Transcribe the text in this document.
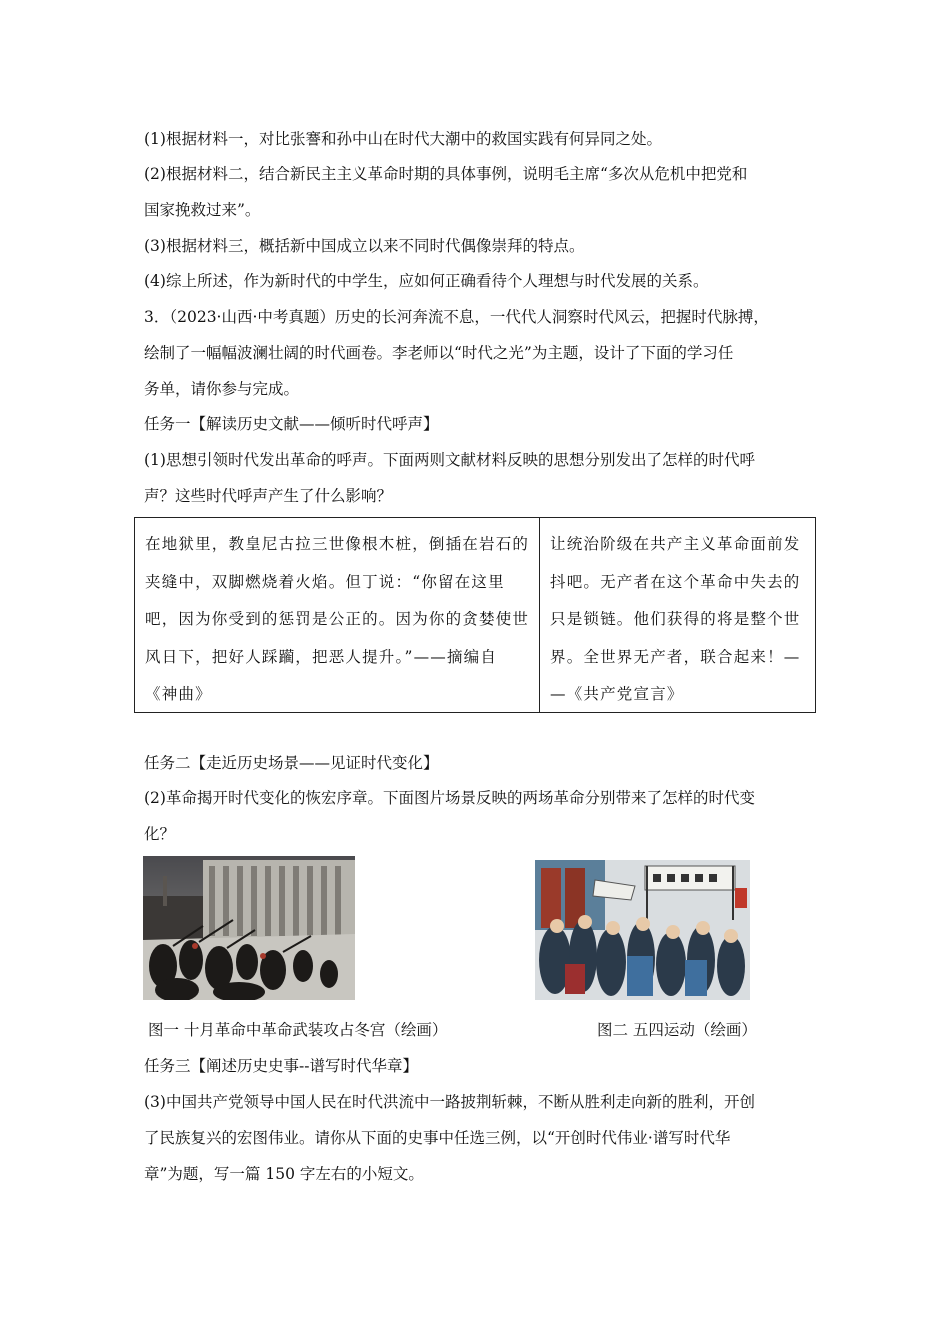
(1)根据材料一，对比张謇和孙中山在时代大潮中的救国实践有何异同之处。
(2)根据材料二，结合新民主主义革命时期的具体事例，说明毛主席“多次从危机中把党和
国家挽救过来”。
(3)根据材料三，概括新中国成立以来不同时代偶像崇拜的特点。
(4)综上所述，作为新时代的中学生，应如何正确看待个人理想与时代发展的关系。
3．（2023·山西·中考真题）历史的长河奔流不息，一代代人洞察时代风云，把握时代脉搏，
绘制了一幅幅波澜壮阔的时代画卷。李老师以“时代之光”为主题，设计了下面的学习任
务单，请你参与完成。
任务一【解读历史文献——倾听时代呼声】
(1)思想引领时代发出革命的呼声。下面两则文献材料反映的思想分别发出了怎样的时代呼
声？这些时代呼声产生了什么影响？
在地狱里，教皇尼古拉三世像根木桩，倒插在岩石的
夹缝中，双脚燃烧着火焰。但丁说：“你留在这里
吧，因为你受到的惩罚是公正的。因为你的贪婪使世
风日下，把好人踩躏，把恶人提升。”——摘编自
《神曲》
让统治阶级在共产主义革命面前发
抖吧。无产者在这个革命中失去的
只是锁链。他们获得的将是整个世
界。全世界无产者，联合起来！—
—《共产党宣言》
任务二【走近历史场景——见证时代变化】
(2)革命揭开时代变化的恢宏序章。下面图片场景反映的两场革命分别带来了怎样的时代变
化？
图一 十月革命中革命武装攻占冬宫（绘画）	图二 五四运动（绘画）
任务三【阐述历史史事--谱写时代华章】
(3)中国共产党领导中国人民在时代洪流中一路披荆斩棘，不断从胜利走向新的胜利，开创
了民族复兴的宏图伟业。请你从下面的史事中任选三例，以“开创时代伟业·谱写时代华
章”为题，写一篇 150 字左右的小短文。
